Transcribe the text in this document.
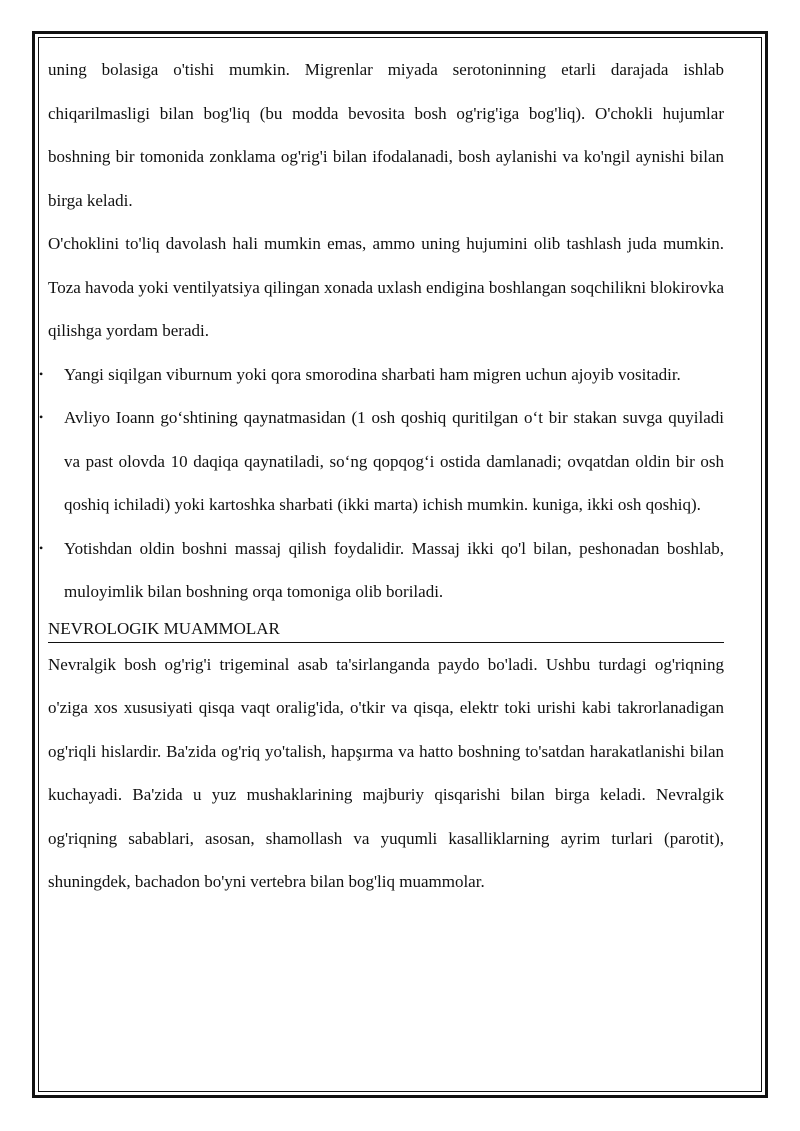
uning bolasiga o'tishi mumkin. Migrenlar miyada serotoninning etarli darajada ishlab chiqarilmasligi bilan bog'liq (bu modda bevosita bosh og'rig'iga bog'liq). O'chokli hujumlar boshning bir tomonida zonklama og'rig'i bilan ifodalanadi, bosh aylanishi va ko'ngil aynishi bilan birga keladi.

O'choklini to'liq davolash hali mumkin emas, ammo uning hujumini olib tashlash juda mumkin. Toza havoda yoki ventilyatsiya qilingan xonada uxlash endigina boshlangan soqchilikni blokirovka qilishga yordam beradi.

• Yangi siqilgan viburnum yoki qora smorodina sharbati ham migren uchun ajoyib vositadir.
• Avliyo Ioann go‘shtining qaynatmasidan (1 osh qoshiq quritilgan o‘t bir stakan suvga quyiladi va past olovda 10 daqiqa qaynatiladi, so‘ng qopqog‘i ostida damlanadi; ovqatdan oldin bir osh qoshiq ichiladi) yoki kartoshka sharbati (ikki marta) ichish mumkin. kuniga, ikki osh qoshiq).
• Yotishdan oldin boshni massaj qilish foydalidir. Massaj ikki qo'l bilan, peshonadan boshlab, muloyimlik bilan boshning orqa tomoniga olib boriladi.
NEVROLOGIK MUAMMOLAR

Nevralgik bosh og'rig'i trigeminal asab ta'sirlanganda paydo bo'ladi. Ushbu turdagi og'riqning o'ziga xos xususiyati qisqa vaqt oralig'ida, o'tkir va qisqa, elektr toki urishi kabi takrorlanadigan og'riqli hislardir. Ba'zida og'riq yo'talish, hapşırma va hatto boshning to'satdan harakatlanishi bilan kuchayadi. Ba'zida u yuz mushaklarining majburiy qisqarishi bilan birga keladi. Nevralgik og'riqning sabablari, asosan, shamollash va yuqumli kasalliklarning ayrim turlari (parotit), shuningdek, bachadon bo'yni vertebra bilan bog'liq muammolar.
